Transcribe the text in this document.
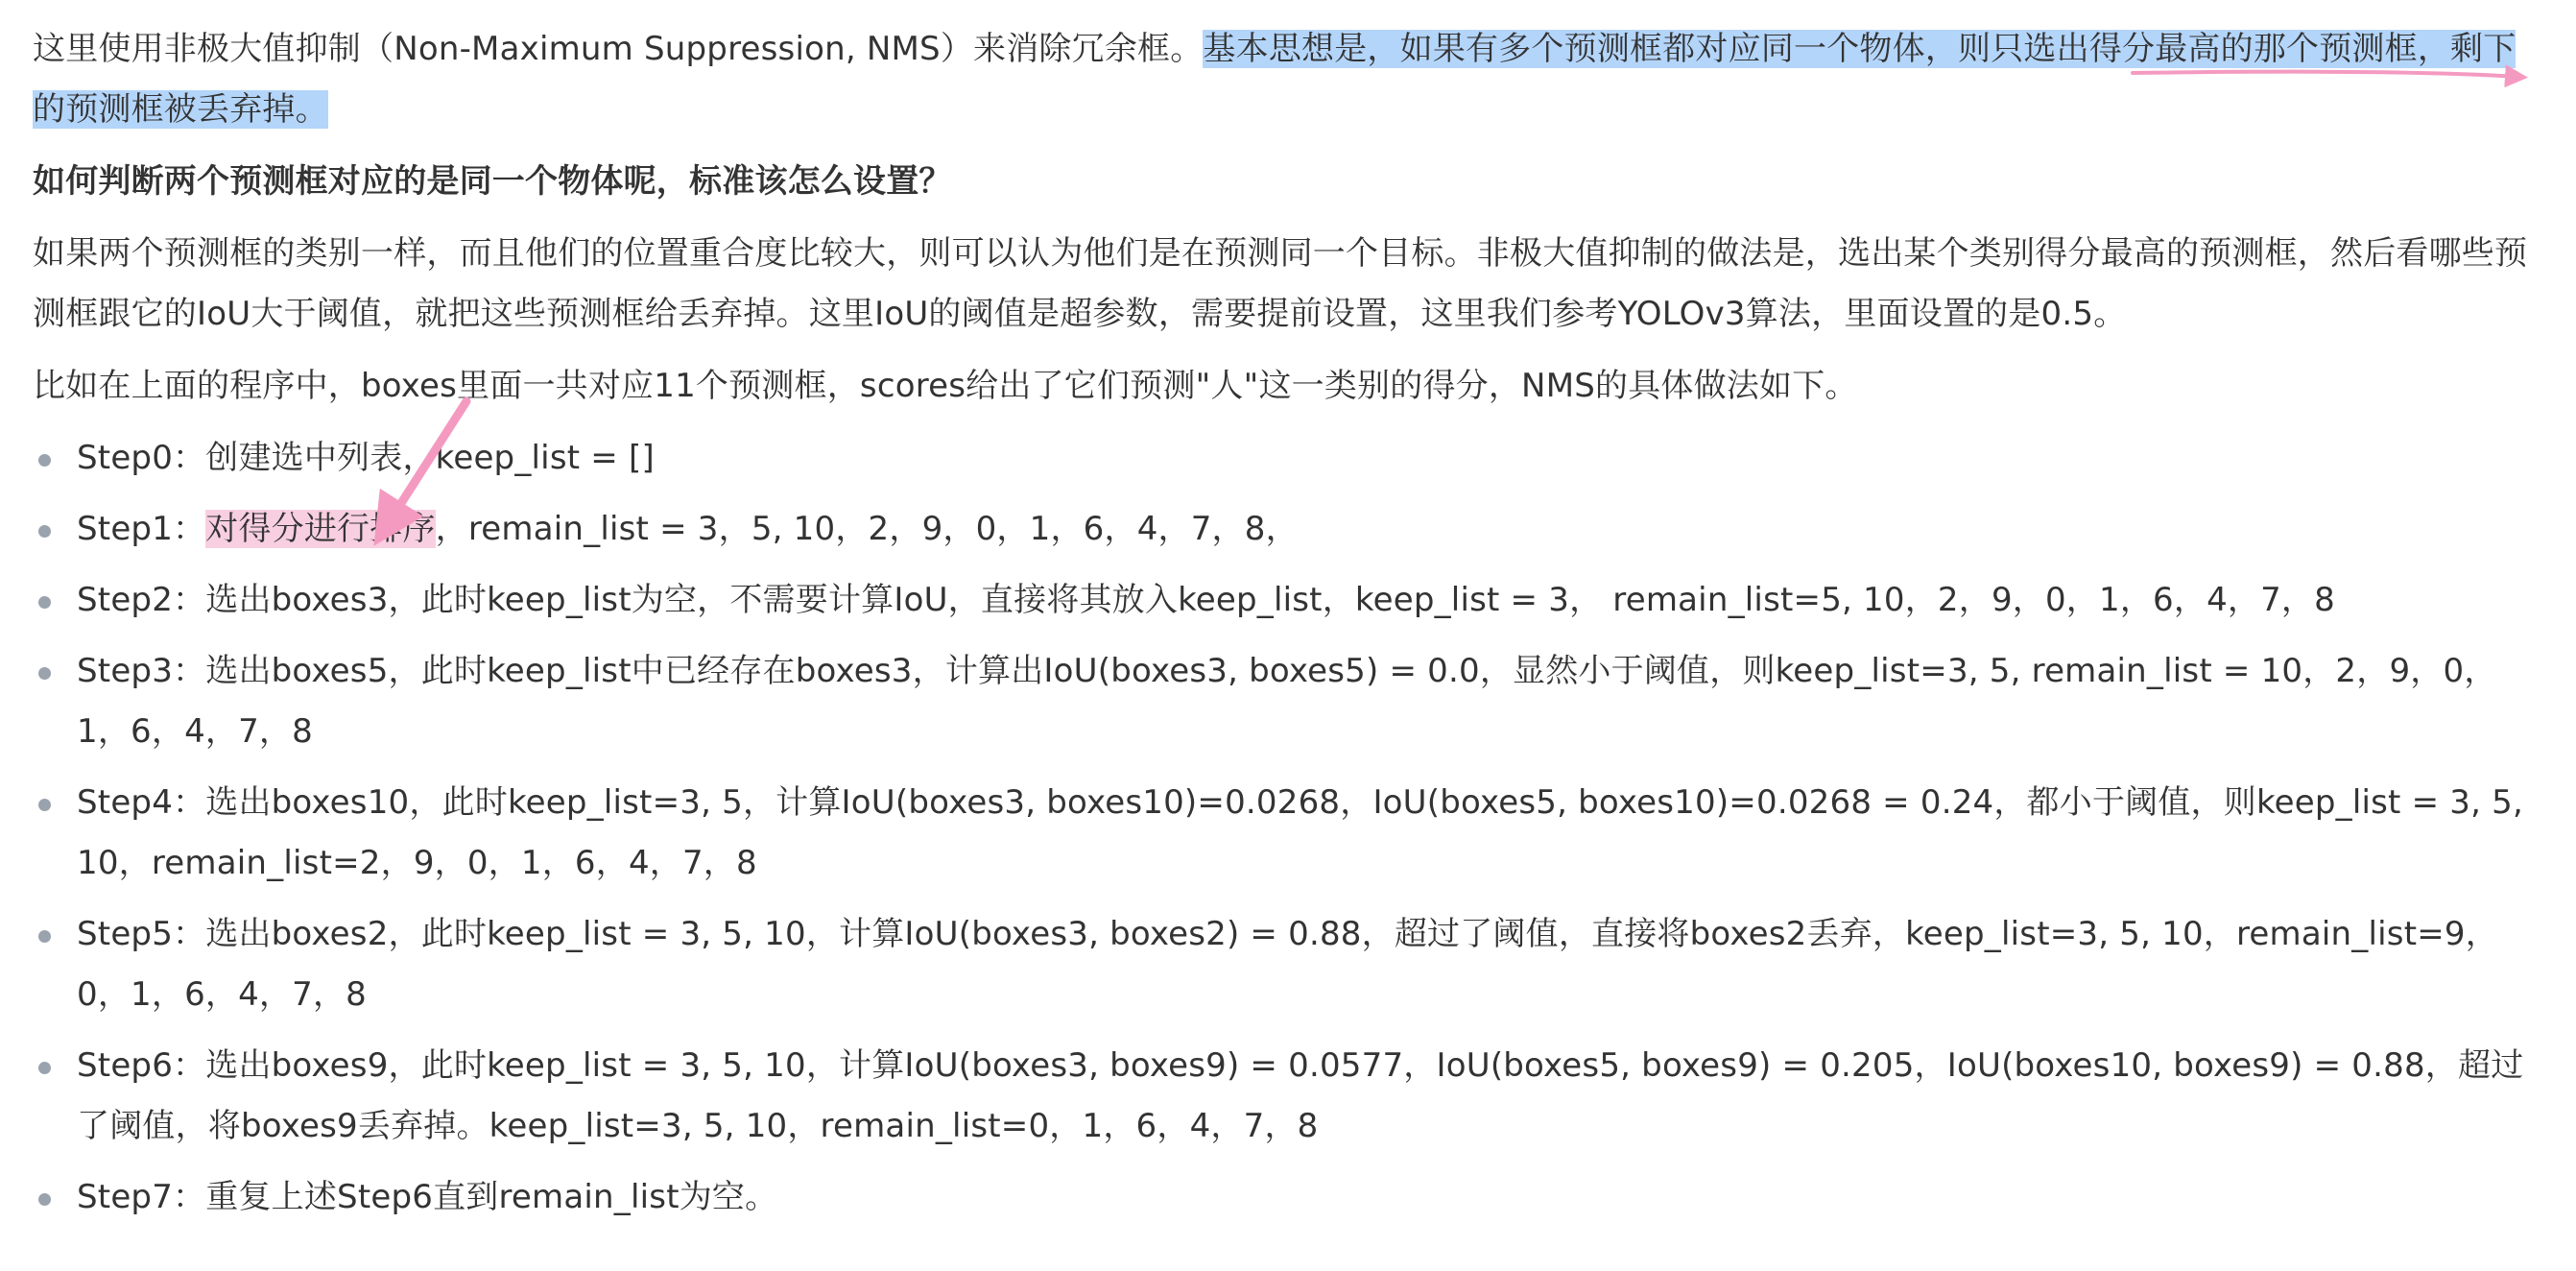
这里使用非极大值抑制（Non-Maximum Suppression, NMS）来消除冗余框。基本思想是，如果有多个预测框都对应同一个物体，则只选出得分最高的那个预测框，剩下的预测框被丢弃掉。

如何判断两个预测框对应的是同一个物体呢，标准该怎么设置？

如果两个预测框的类别一样，而且他们的位置重合度比较大，则可以认为他们是在预测同一个目标。非极大值抑制的做法是，选出某个类别得分最高的预测框，然后看哪些预测框跟它的IoU大于阈值，就把这些预测框给丢弃掉。这里IoU的阈值是超参数，需要提前设置，这里我们参考YOLOv3算法，里面设置的是0.5。

比如在上面的程序中，boxes里面一共对应11个预测框，scores给出了它们预测"人"这一类别的得分，NMS的具体做法如下。

Step0：创建选中列表，keep_list = []
Step1：对得分进行排序，remain_list = 3，5, 10，2，9，0，1，6，4，7，8，
Step2：选出boxes3，此时keep_list为空，不需要计算IoU，直接将其放入keep_list，keep_list = 3， remain_list=5, 10，2，9，0，1，6，4，7，8
Step3：选出boxes5，此时keep_list中已经存在boxes3，计算出IoU(boxes3, boxes5) = 0.0，显然小于阈值，则keep_list=3, 5, remain_list = 10，2，9，0，1，6，4，7，8
Step4：选出boxes10，此时keep_list=3, 5，计算IoU(boxes3, boxes10)=0.0268，IoU(boxes5, boxes10)=0.0268 = 0.24，都小于阈值，则keep_list = 3, 5, 10，remain_list=2，9，0，1，6，4，7，8
Step5：选出boxes2，此时keep_list = 3, 5, 10，计算IoU(boxes3, boxes2) = 0.88，超过了阈值，直接将boxes2丢弃，keep_list=3, 5, 10，remain_list=9，0，1，6，4，7，8
Step6：选出boxes9，此时keep_list = 3, 5, 10，计算IoU(boxes3, boxes9) = 0.0577，IoU(boxes5, boxes9) = 0.205，IoU(boxes10, boxes9) = 0.88，超过了阈值，将boxes9丢弃掉。keep_list=3, 5, 10，remain_list=0，1，6，4，7，8
Step7：重复上述Step6直到remain_list为空。
